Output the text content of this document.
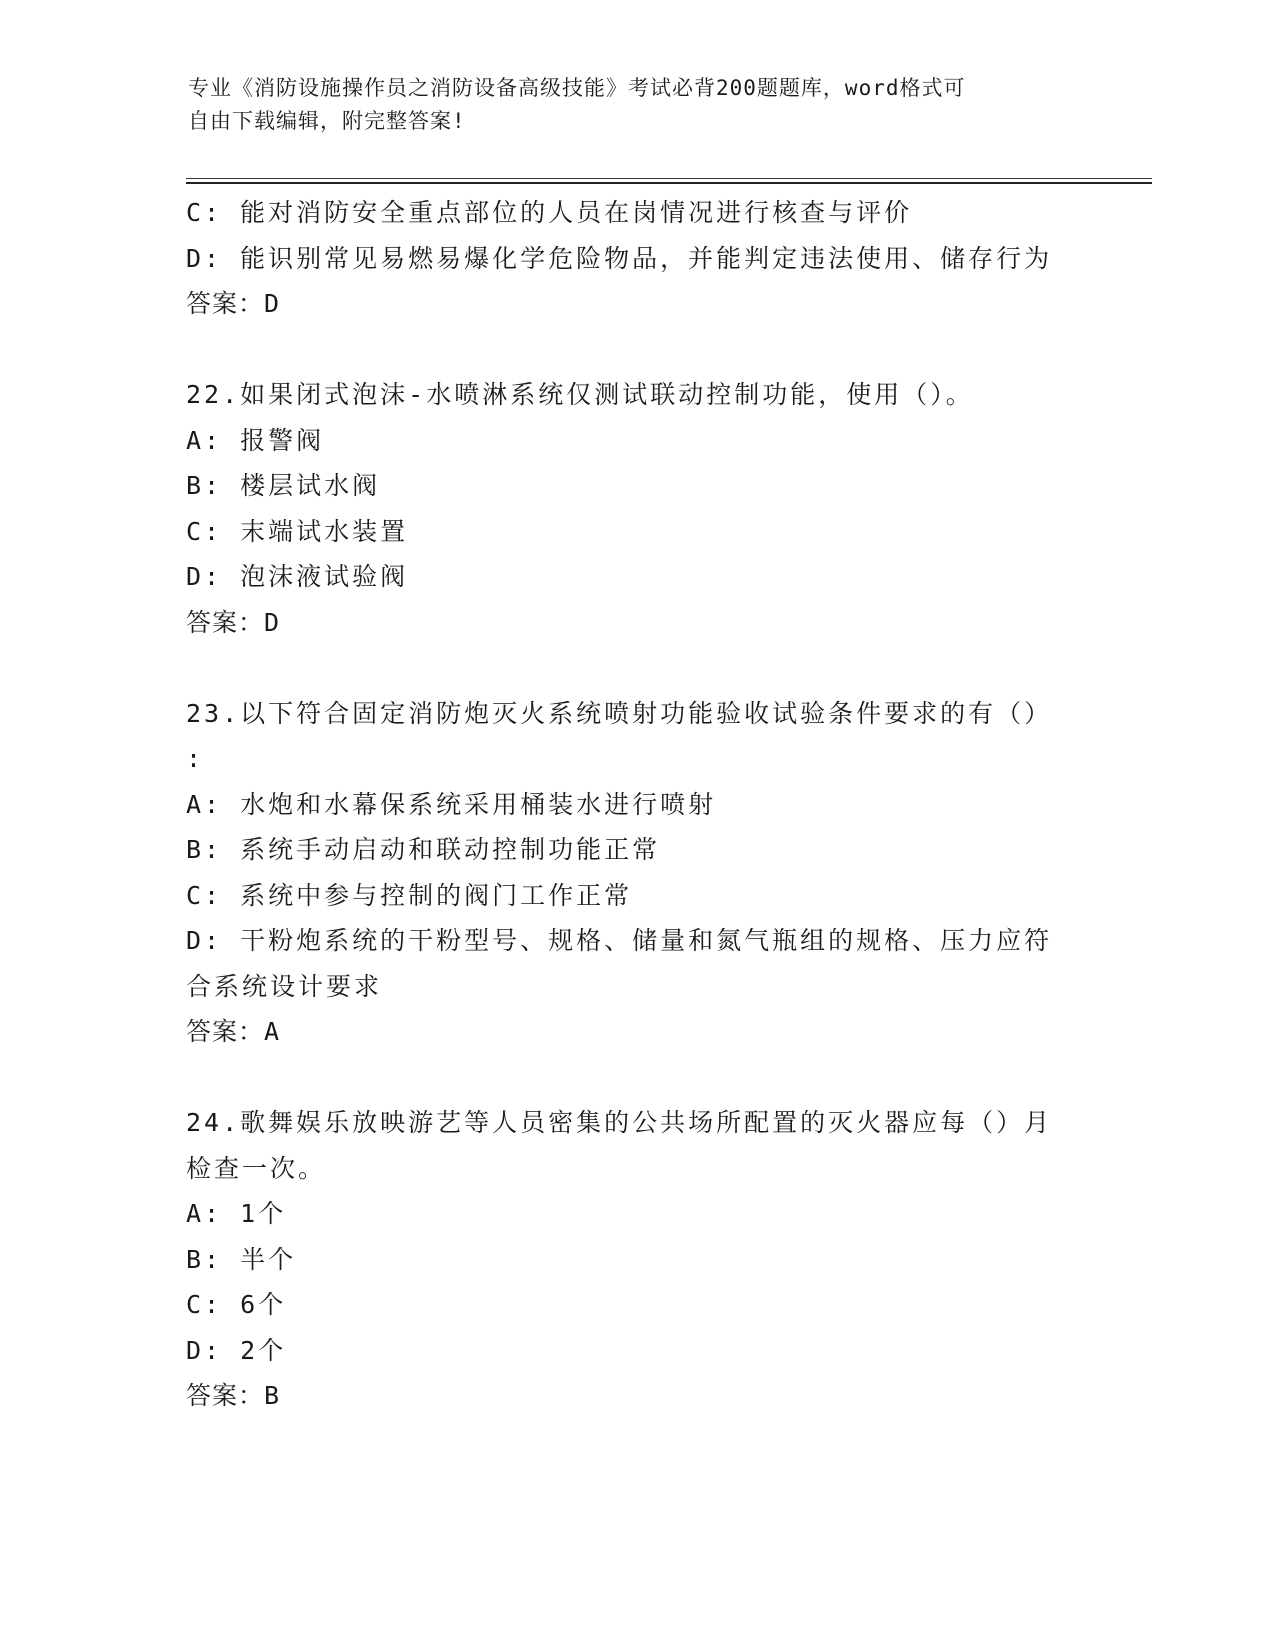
专业《消防设施操作员之消防设备高级技能》考试必背200题题库，word格式可
自由下载编辑，附完整答案!
C: 能对消防安全重点部位的人员在岗情况进行核查与评价
D: 能识别常见易燃易爆化学危险物品，并能判定违法使用、储存行为
答案：D
22.如果闭式泡沫-水喷淋系统仅测试联动控制功能，使用（）。
A: 报警阀
B: 楼层试水阀
C: 末端试水装置
D: 泡沫液试验阀
答案：D
23.以下符合固定消防炮灭火系统喷射功能验收试验条件要求的有（）
:
A: 水炮和水幕保系统采用桶装水进行喷射
B: 系统手动启动和联动控制功能正常
C: 系统中参与控制的阀门工作正常
D: 干粉炮系统的干粉型号、规格、储量和氮气瓶组的规格、压力应符
合系统设计要求
答案：A
24.歌舞娱乐放映游艺等人员密集的公共场所配置的灭火器应每（）月
检查一次。
A: 1个
B: 半个
C: 6个
D: 2个
答案：B
